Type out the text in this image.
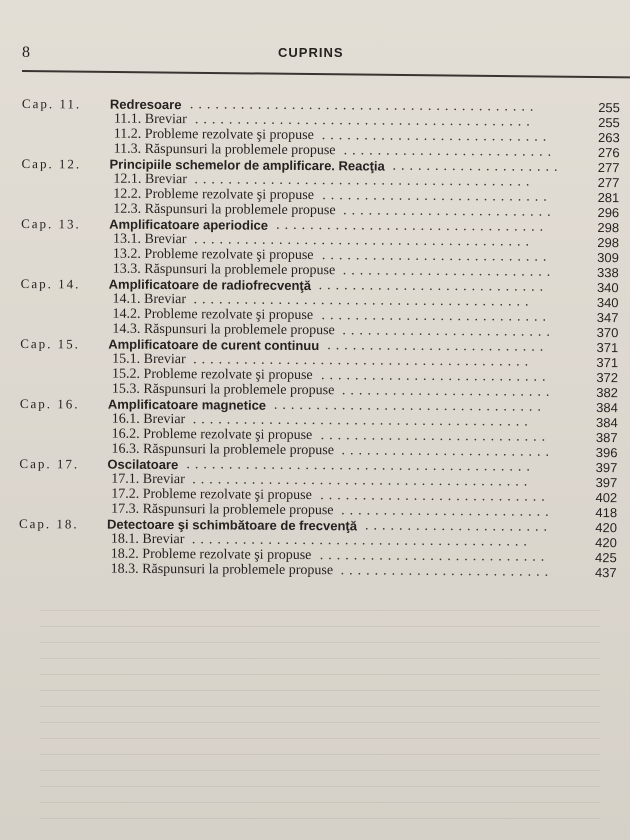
8	CUPRINS
Cap. 11. Redresoare .........................................	255
11.1. Breviar ........................................	255
11.2. Probleme rezolvate şi propuse ...........................	263
11.3. Răspunsuri la problemele propuse .........................	276
Cap. 12. Principiile schemelor de amplificare. Reacţia ....................	277
12.1. Breviar ........................................	277
12.2. Probleme rezolvate şi propuse ...........................	281
12.3. Răspunsuri la problemele propuse .........................	296
Cap. 13. Amplificatoare aperiodice ................................	298
13.1. Breviar ........................................	298
13.2. Probleme rezolvate şi propuse ...........................	309
13.3. Răspunsuri la problemele propuse .........................	338
Cap. 14. Amplificatoare de radiofrecvenţă ...........................	340
14.1. Breviar ........................................	340
14.2. Probleme rezolvate şi propuse ...........................	347
14.3. Răspunsuri la problemele propuse .........................	370
Cap. 15. Amplificatoare de curent continuu ..........................	371
15.1. Breviar ........................................	371
15.2. Probleme rezolvate şi propuse ...........................	372
15.3. Răspunsuri la problemele propuse .........................	382
Cap. 16. Amplificatoare magnetice ................................	384
16.1. Breviar ........................................	384
16.2. Probleme rezolvate şi propuse ...........................	387
16.3. Răspunsuri la problemele propuse .........................	396
Cap. 17. Oscilatoare .........................................	397
17.1. Breviar ........................................	397
17.2. Probleme rezolvate şi propuse ...........................	402
17.3. Răspunsuri la problemele propuse .........................	418
Cap. 18. Detectoare şi schimbătoare de frecvenţă ......................	420
18.1. Breviar ........................................	420
18.2. Probleme rezolvate şi propuse ...........................	425
18.3. Răspunsuri la problemele propuse .........................	437
